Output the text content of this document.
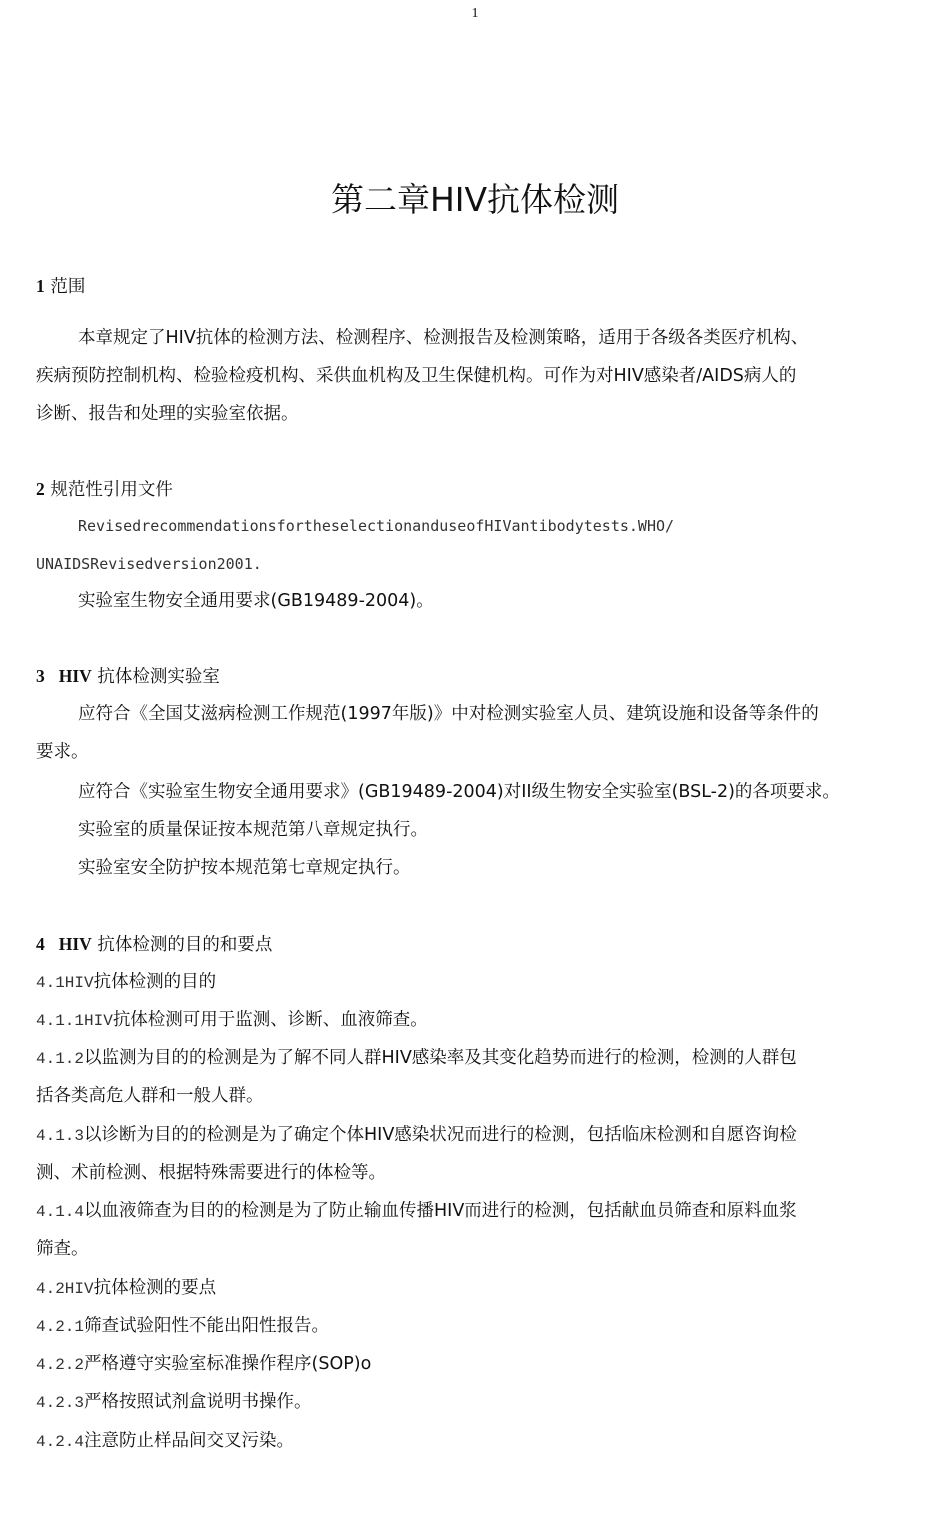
1
第二章HIV抗体检测
1 范围
本章规定了HIV抗体的检测方法、检测程序、检测报告及检测策略，适用于各级各类医疗机构、
疾病预防控制机构、检验检疫机构、采供血机构及卫生保健机构。可作为对HIV感染者/AIDS病人的
诊断、报告和处理的实验室依据。
2 规范性引用文件
RevisedrecommendationsfortheselectionanduseofHIVantibodytests.WHO/
UNAIDSRevisedversion2001.
实验室生物安全通用要求(GB19489-2004)。
3 HIV 抗体检测实验室
应符合《全国艾滋病检测工作规范(1997年版)》中对检测实验室人员、建筑设施和设备等条件的
要求。
应符合《实验室生物安全通用要求》(GB19489-2004)对II级生物安全实验室(BSL-2)的各项要求。
实验室的质量保证按本规范第八章规定执行。
实验室安全防护按本规范第七章规定执行。
4 HIV 抗体检测的目的和要点
4.1HIV抗体检测的目的
4.1.1HIV抗体检测可用于监测、诊断、血液筛查。
4.1.2以监测为目的的检测是为了解不同人群HIV感染率及其变化趋势而进行的检测，检测的人群包
括各类高危人群和一般人群。
4.1.3以诊断为目的的检测是为了确定个体HIV感染状况而进行的检测，包括临床检测和自愿咨询检
测、术前检测、根据特殊需要进行的体检等。
4.1.4以血液筛查为目的的检测是为了防止输血传播HIV而进行的检测，包括献血员筛查和原料血浆
筛查。
4.2HIV抗体检测的要点
4.2.1筛查试验阳性不能出阳性报告。
4.2.2严格遵守实验室标准操作程序(SOP)o
4.2.3严格按照试剂盒说明书操作。
4.2.4注意防止样品间交叉污染。
